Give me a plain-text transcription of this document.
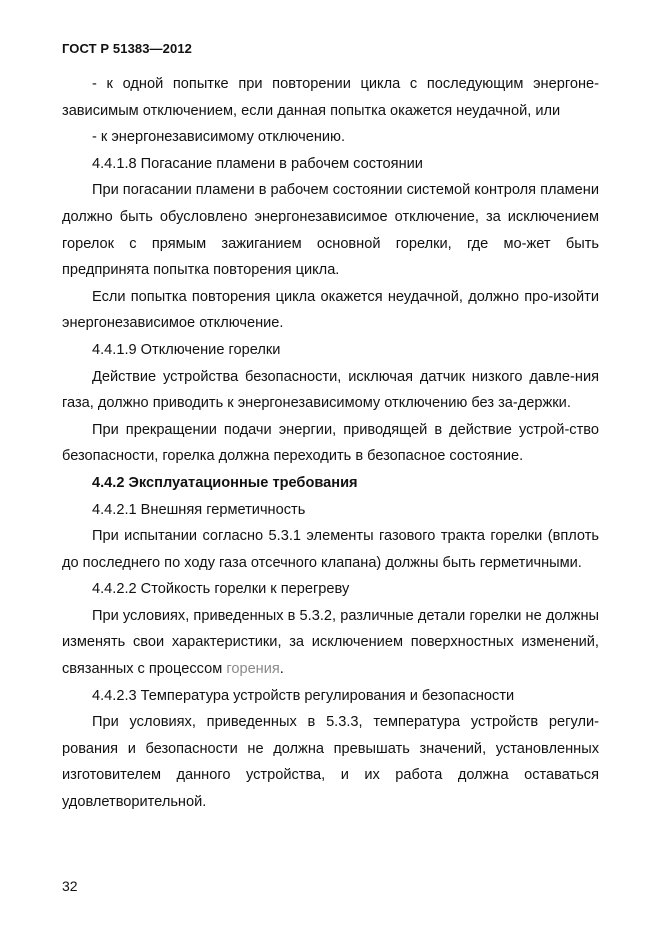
ГОСТ Р 51383—2012

- к одной попытке при повторении цикла с последующим энергоне-зависимым отключением, если данная попытка окажется неудачной, или

- к энергонезависимому отключению.

4.4.1.8 Погасание пламени в рабочем состоянии

При погасании пламени в рабочем состоянии системой контроля пламени должно быть обусловлено энергонезависимое отключение, за исключением горелок с прямым зажиганием основной горелки, где мо-жет быть предпринята попытка повторения цикла.

Если попытка повторения цикла окажется неудачной, должно про-изойти энергонезависимое отключение.

4.4.1.9 Отключение горелки

Действие устройства безопасности, исключая датчик низкого давле-ния газа, должно приводить к энергонезависимому отключению без за-держки.

При прекращении подачи энергии, приводящей в действие устрой-ство безопасности, горелка должна переходить в безопасное состояние.

4.4.2 Эксплуатационные требования

4.4.2.1 Внешняя герметичность

При испытании согласно 5.3.1 элементы газового тракта горелки (вплоть до последнего по ходу газа отсечного клапана) должны быть герметичными.

4.4.2.2 Стойкость горелки к перегреву

При условиях, приведенных в 5.3.2, различные детали горелки не должны изменять свои характеристики, за исключением поверхностных изменений, связанных с процессом горения.

4.4.2.3 Температура устройств регулирования и безопасности

При условиях, приведенных в 5.3.3, температура устройств регули-рования и безопасности не должна превышать значений, установленных изготовителем данного устройства, и их работа должна оставаться удовлетворительной.

32
